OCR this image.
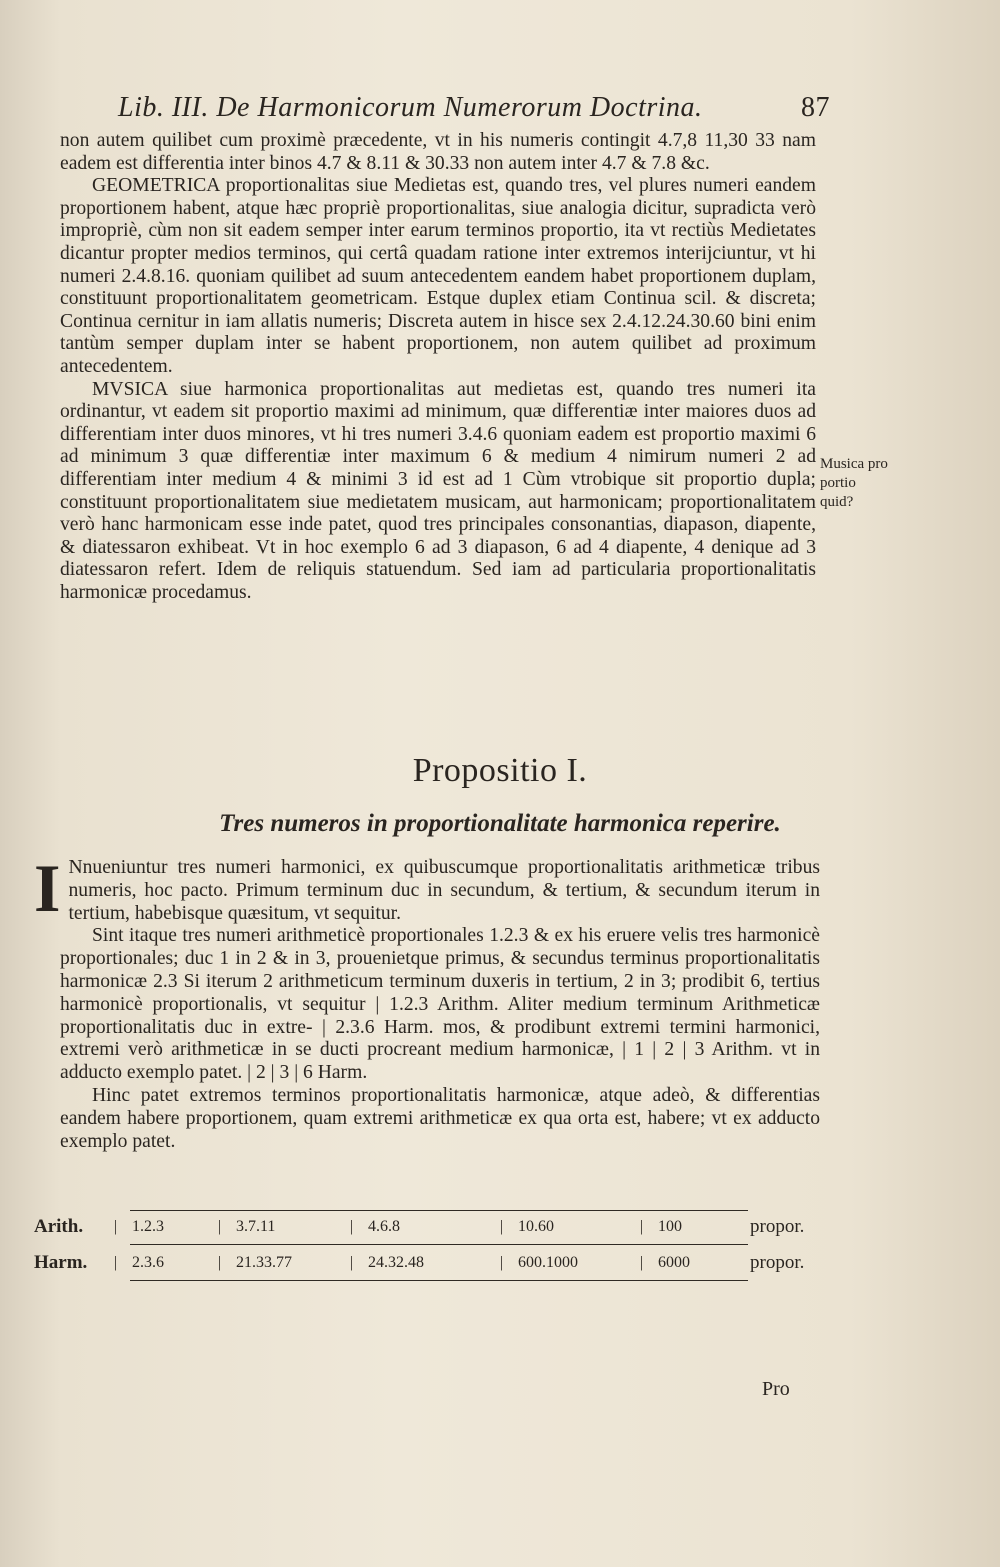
Lib. III. De Harmonicorum Numerorum Doctrina.	87

non autem quilibet cum proximè præcedente, vt in his numeris contingit 4.7,8 11,30 33 nam eadem est differentia inter binos 4.7 & 8.11 & 30.33 non autem inter 4.7 & 7.8 &c.

GEOMETRICA proportionalitas siue Medietas est, quando tres, vel plures numeri eandem proportionem habent, atque hæc propriè proportionalitas, siue analogia dicitur, supradicta verò impropriè, cùm non sit eadem semper inter earum terminos proportio, ita vt rectiùs Medietates dicantur propter medios terminos, qui certâ quadam ratione inter extremos interijciuntur, vt hi numeri 2.4.8.16. quoniam quilibet ad suum antecedentem eandem habet proportionem duplam, constituunt proportionalitatem geometricam. Estque duplex etiam Continua scil. & discreta; Continua cernitur in iam allatis numeris; Discreta autem in hisce sex 2.4.12.24.30.60 bini enim tantùm semper duplam inter se habent proportionem, non autem quilibet ad proximum antecedentem.

MVSICA siue harmonica proportionalitas aut medietas est, quando tres numeri ita ordinantur, vt eadem sit proportio maximi ad minimum, quæ differentiæ inter maiores duos ad differentiam inter duos minores, vt hi tres numeri 3.4.6 quoniam eadem est proportio maximi 6 ad minimum 3 quæ differentiæ inter maximum 6 & medium 4 nimirum numeri 2 ad differentiam inter medium 4 & minimi 3 id est ad 1 Cùm vtrobique sit proportio dupla; constituunt proportionalitatem siue medietatem musicam, aut harmonicam; proportionalitatem verò hanc harmonicam esse inde patet, quod tres principales consonantias, diapason, diapente, & diatessaron exhibeat. Vt in hoc exemplo 6 ad 3 diapason, 6 ad 4 diapente, 4 denique ad 3 diatessaron refert. Idem de reliquis statuendum. Sed iam ad particularia proportionalitatis harmonicæ procedamus.

Musica pro
portio
quid?
Propositio I.
Tres numeros in proportionalitate harmonica reperire.

I Nnueniuntur tres numeri harmonici, ex quibuscumque proportionalitatis arithmeticæ tribus numeris, hoc pacto. Primum terminum duc in secundum, & tertium, & secundum iterum in tertium, habebisque quæsitum, vt sequitur.

Sint itaque tres numeri arithmeticè proportionales 1.2.3 & ex his eruere velis tres harmonicè proportionales; duc 1 in 2 & in 3, prouenietque primus, & secundus terminus proportionalitatis harmonicæ 2.3 Si iterum 2 arithmeticum terminum duxeris in tertium, 2 in 3; prodibit 6, tertius harmonicè proportionalis, vt sequitur | 1.2.3 Arithm. Aliter medium terminum Arithmeticæ proportionalitatis duc in extre- | 2.3.6 Harm. mos, & prodibunt extremi termini harmonici, extremi verò arithmeticæ in se ducti procreant medium harmonicæ, | 1 | 2 | 3 Arithm. vt in adducto exemplo patet. | 2 | 3 | 6 Harm.

Hinc patet extremos terminos proportionalitatis harmonicæ, atque adeò, & differentias eandem habere proportionem, quam extremi arithmeticæ ex qua orta est, habere; vt ex adducto exemplo patet.

Arith.	| 1.2.3	| 3.7.11	| 4.6.8	| 10.60	| 100	propor.
Harm.	| 2.3.6	| 21.33.77	| 24.32.48	| 600.1000	| 6000	propor.
Pro
